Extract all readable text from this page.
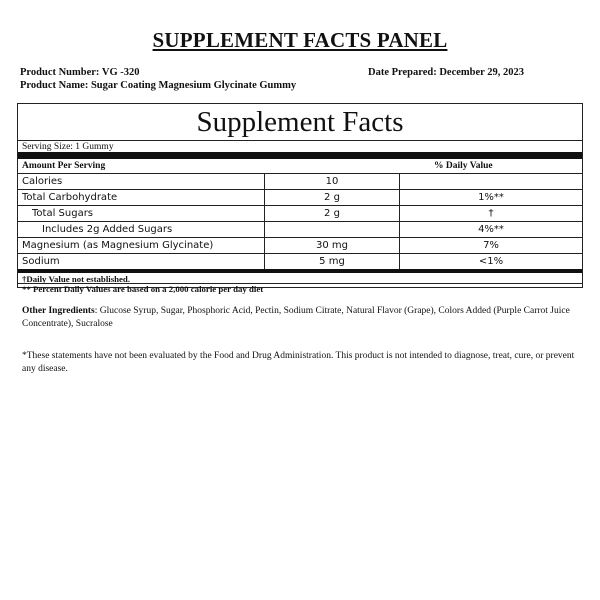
SUPPLEMENT FACTS PANEL
Product Number: VG -320	Date Prepared: December 29, 2023
Product Name: Sugar Coating Magnesium Glycinate Gummy
Supplement Facts
Serving Size: 1 Gummy
Amount Per Serving	% Daily Value
Calories	10	
Total Carbohydrate	2 g	1%**
Total Sugars	2 g	†
Includes 2g Added Sugars		4%**
Magnesium (as Magnesium Glycinate)	30 mg	7%
Sodium	5 mg	<1%
†Daily Value not established.
** Percent Daily Values are based on a 2,000 calorie per day diet
Other Ingredients: Glucose Syrup, Sugar, Phosphoric Acid, Pectin, Sodium Citrate, Natural Flavor (Grape), Colors Added (Purple Carrot Juice Concentrate), Sucralose
*These statements have not been evaluated by the Food and Drug Administration. This product is not intended to diagnose, treat, cure, or prevent any disease.
